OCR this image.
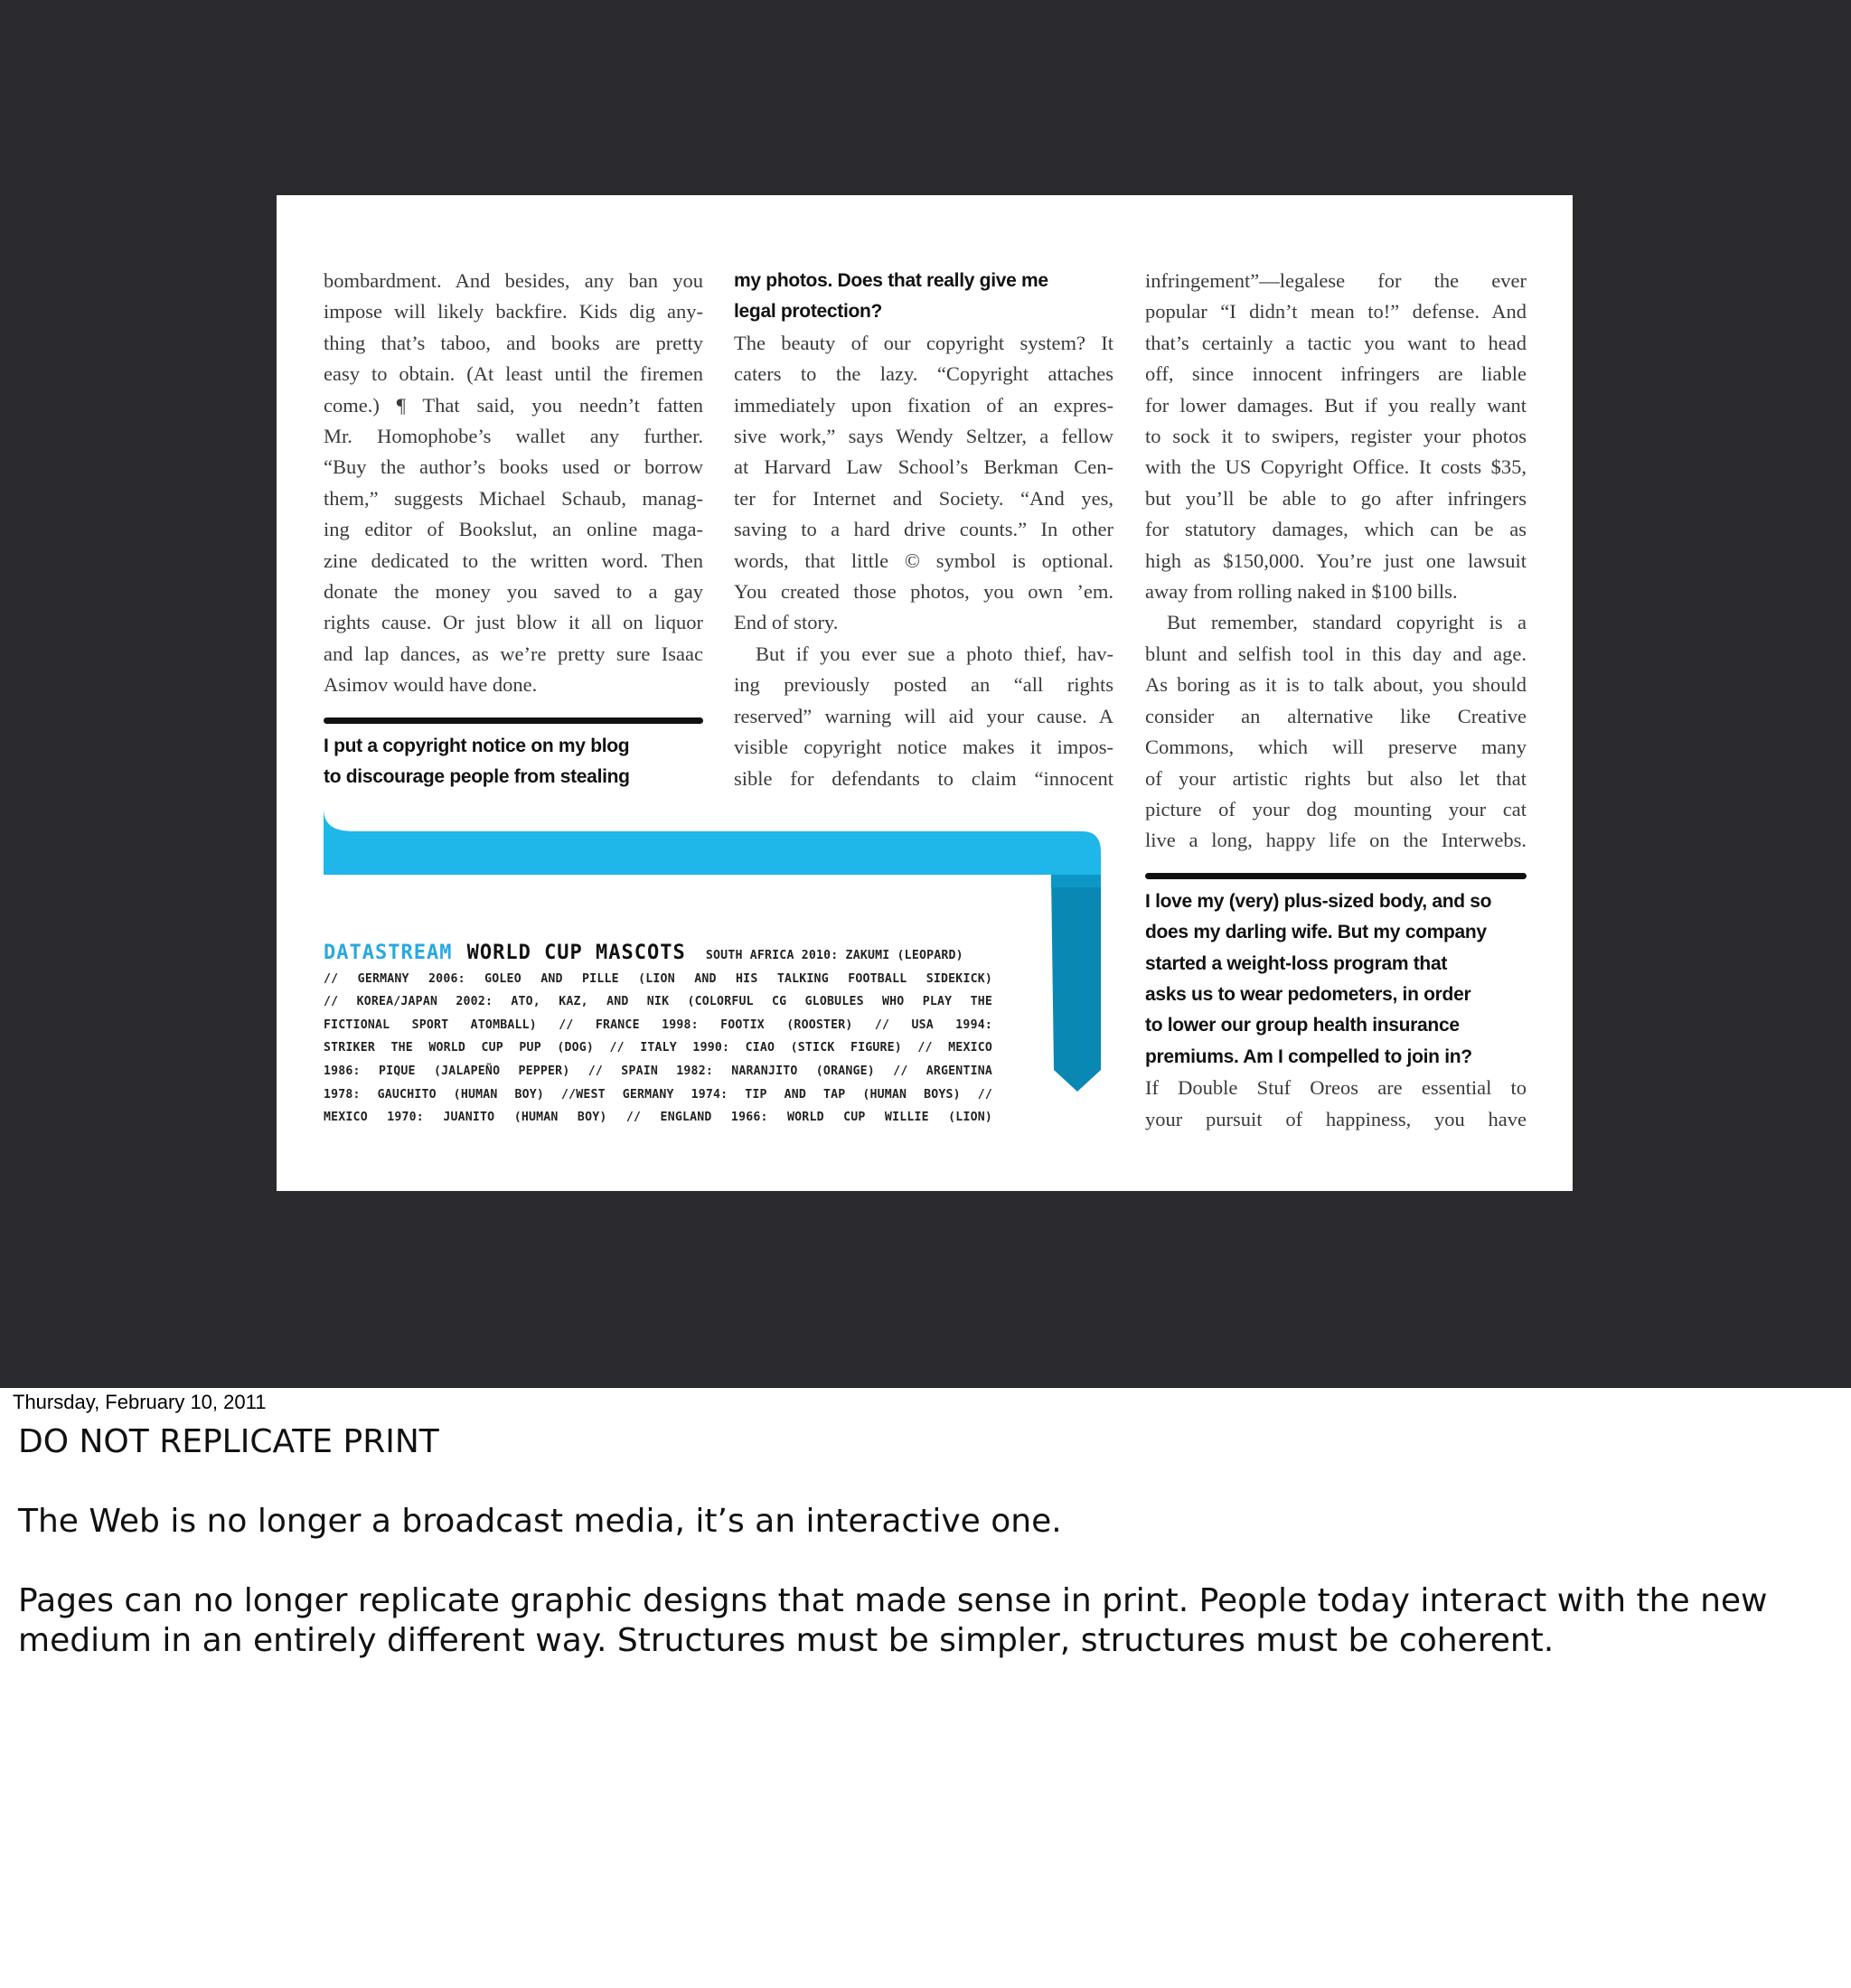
bombardment. And besides, any ban you
impose will likely backfire. Kids dig any-
thing that’s taboo, and books are pretty
easy to obtain. (At least until the firemen
come.) ¶ That said, you needn’t fatten
Mr. Homophobe’s wallet any further.
“Buy the author’s books used or borrow
them,” suggests Michael Schaub, manag-
ing editor of Bookslut, an online maga-
zine dedicated to the written word. Then
donate the money you saved to a gay
rights cause. Or just blow it all on liquor
and lap dances, as we’re pretty sure Isaac
Asimov would have done.
I put a copyright notice on my blog
to discourage people from stealing
my photos. Does that really give me
legal protection?
The beauty of our copyright system? It
caters to the lazy. “Copyright attaches
immediately upon fixation of an expres-
sive work,” says Wendy Seltzer, a fellow
at Harvard Law School’s Berkman Cen-
ter for Internet and Society. “And yes,
saving to a hard drive counts.” In other
words, that little © symbol is optional.
You created those photos, you own ’em.
End of story.
But if you ever sue a photo thief, hav-
ing previously posted an “all rights
reserved” warning will aid your cause. A
visible copyright notice makes it impos-
sible for defendants to claim “innocent
infringement”—legalese for the ever
popular “I didn’t mean to!” defense. And
that’s certainly a tactic you want to head
off, since innocent infringers are liable
for lower damages. But if you really want
to sock it to swipers, register your photos
with the US Copyright Office. It costs $35,
but you’ll be able to go after infringers
for statutory damages, which can be as
high as $150,000. You’re just one lawsuit
away from rolling naked in $100 bills.
But remember, standard copyright is a
blunt and selfish tool in this day and age.
As boring as it is to talk about, you should
consider an alternative like Creative
Commons, which will preserve many
of your artistic rights but also let that
picture of your dog mounting your cat
live a long, happy life on the Interwebs.
I love my (very) plus-sized body, and so
does my darling wife. But my company
started a weight-loss program that
asks us to wear pedometers, in order
to lower our group health insurance
premiums. Am I compelled to join in?
If Double Stuf Oreos are essential to
your pursuit of happiness, you have
DATASTREAM WORLD CUP MASCOTS SOUTH AFRICA 2010: ZAKUMI (LEOPARD)
// GERMANY 2006: GOLEO AND PILLE (LION AND HIS TALKING FOOTBALL SIDEKICK)
// KOREA/JAPAN 2002: ATO, KAZ, AND NIK (COLORFUL CG GLOBULES WHO PLAY THE
FICTIONAL SPORT ATOMBALL) // FRANCE 1998: FOOTIX (ROOSTER) // USA 1994:
STRIKER THE WORLD CUP PUP (DOG) // ITALY 1990: CIAO (STICK FIGURE) // MEXICO
1986: PIQUE (JALAPEÑO PEPPER) // SPAIN 1982: NARANJITO (ORANGE) // ARGENTINA
1978: GAUCHITO (HUMAN BOY) //WEST GERMANY 1974: TIP AND TAP (HUMAN BOYS) //
MEXICO 1970: JUANITO (HUMAN BOY) // ENGLAND 1966: WORLD CUP WILLIE (LION)
Thursday, February 10, 2011

DO NOT REPLICATE PRINT

The Web is no longer a broadcast media, it’s an interactive one.

Pages can no longer replicate graphic designs that made sense in print. People today interact with the new
medium in an entirely different way. Structures must be simpler, structures must be coherent.
